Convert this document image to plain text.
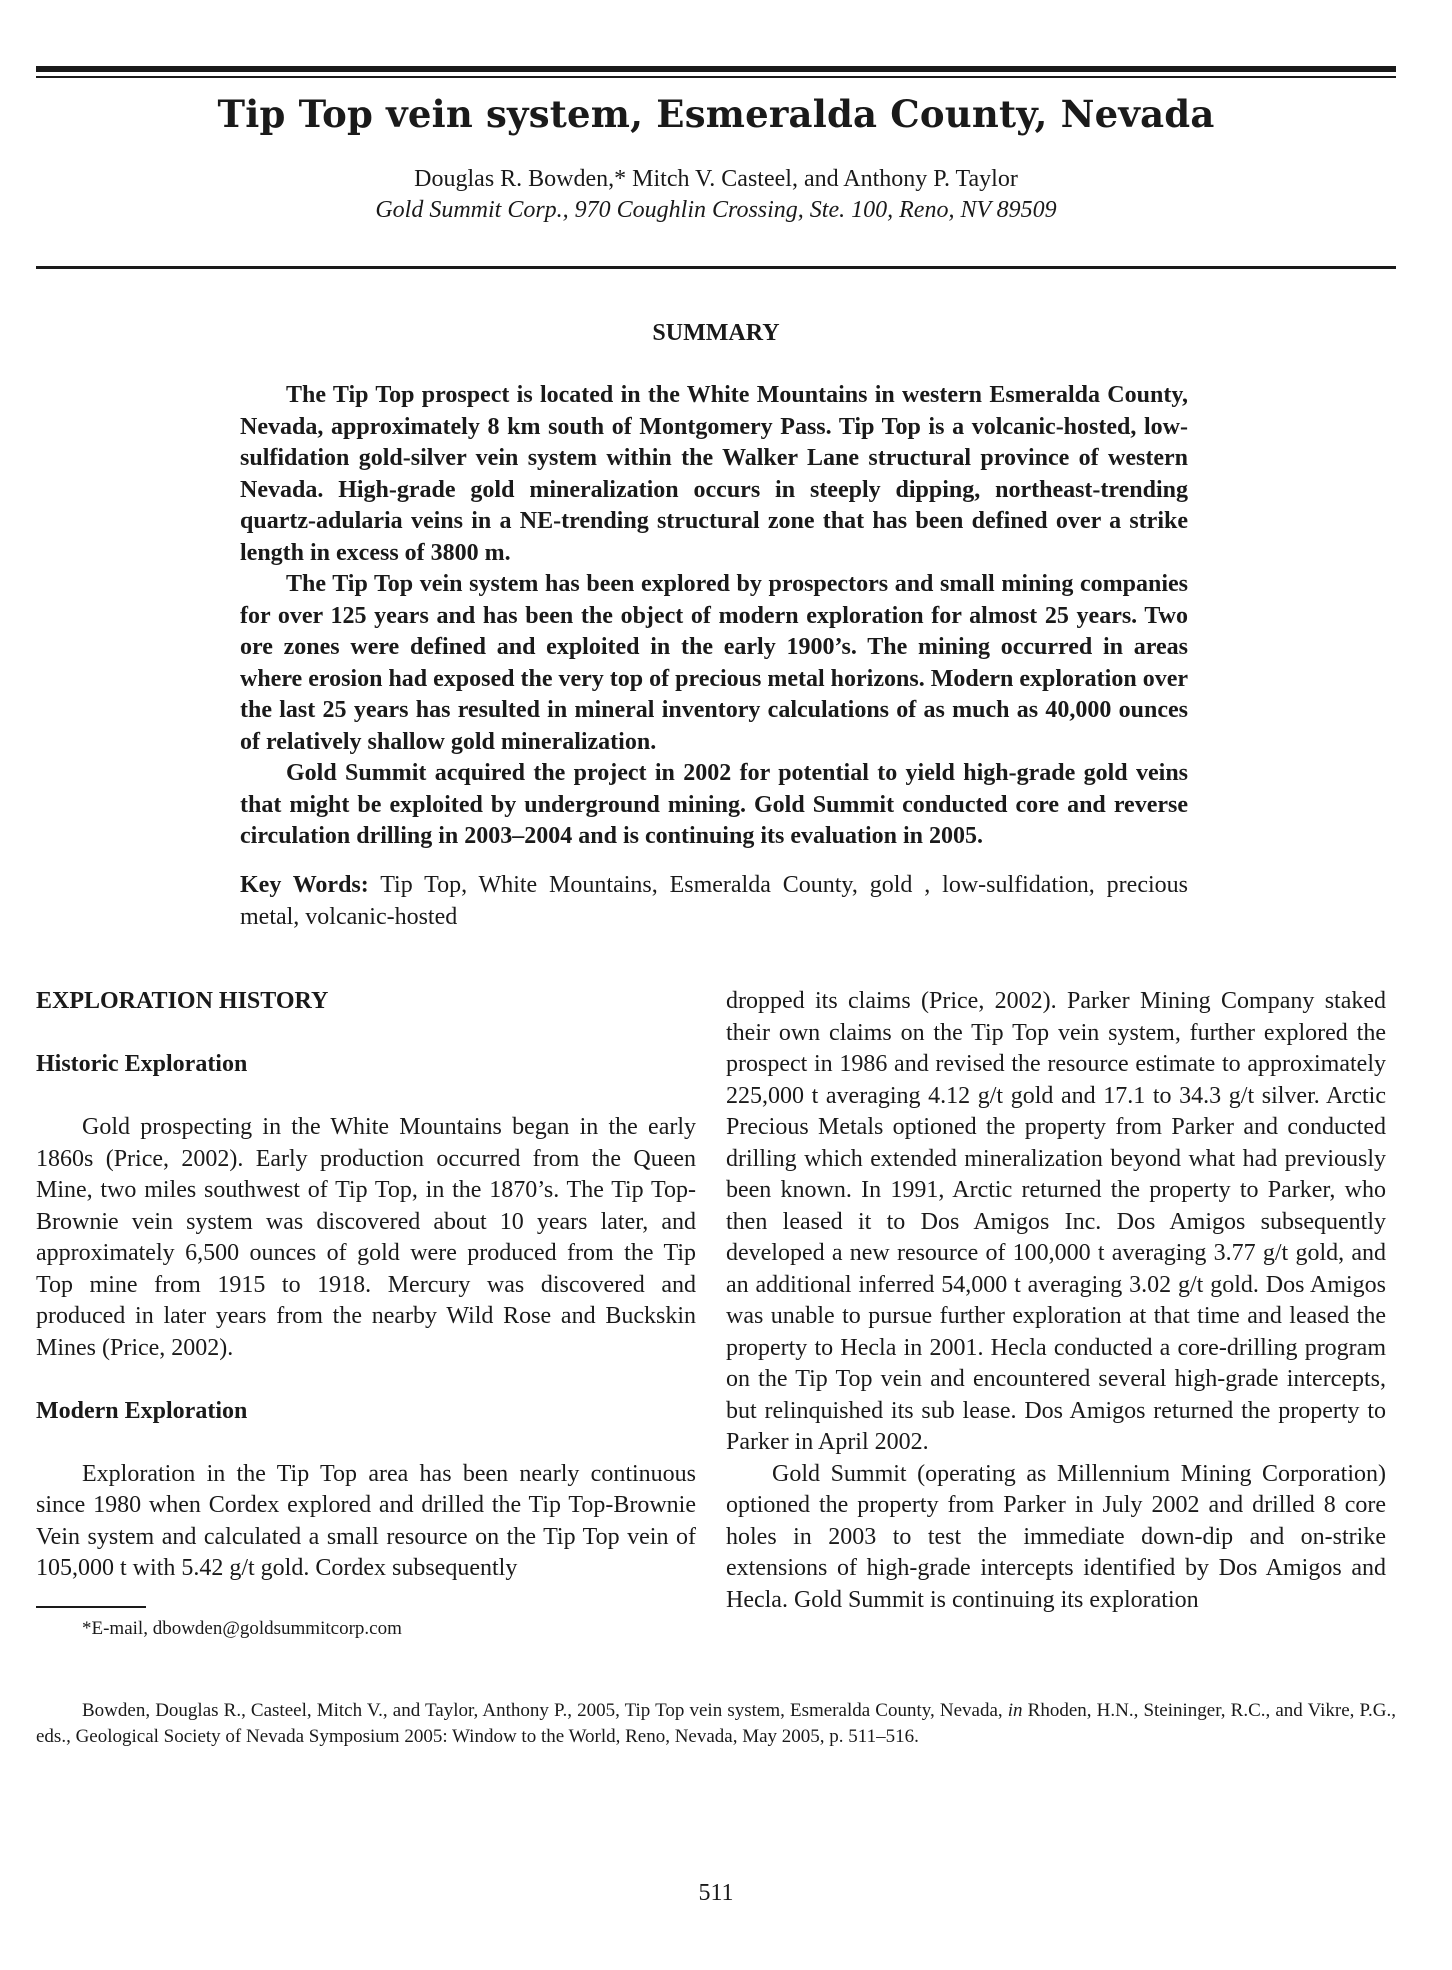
Tip Top vein system, Esmeralda County, Nevada
Douglas R. Bowden,* Mitch V. Casteel, and Anthony P. Taylor
Gold Summit Corp., 970 Coughlin Crossing, Ste. 100, Reno, NV 89509
SUMMARY

The Tip Top prospect is located in the White Mountains in western Esmeralda County, Nevada, approximately 8 km south of Montgomery Pass. Tip Top is a volcanic-hosted, low-sulfidation gold-silver vein system within the Walker Lane structural province of western Nevada. High-grade gold mineralization occurs in steeply dipping, northeast-trending quartz-adularia veins in a NE-trending structural zone that has been defined over a strike length in excess of 3800 m.

The Tip Top vein system has been explored by prospectors and small mining companies for over 125 years and has been the object of modern exploration for almost 25 years. Two ore zones were defined and exploited in the early 1900’s. The mining occurred in areas where erosion had exposed the very top of precious metal horizons. Modern exploration over the last 25 years has resulted in mineral inventory calculations of as much as 40,000 ounces of relatively shallow gold mineralization.

Gold Summit acquired the project in 2002 for potential to yield high-grade gold veins that might be exploited by underground mining. Gold Summit conducted core and reverse circulation drilling in 2003–2004 and is continuing its evaluation in 2005.

Key Words: Tip Top, White Mountains, Esmeralda County, gold , low-sulfidation, precious metal, volcanic-hosted
EXPLORATION HISTORY
Historic Exploration

Gold prospecting in the White Mountains began in the early 1860s (Price, 2002). Early production occurred from the Queen Mine, two miles southwest of Tip Top, in the 1870’s. The Tip Top-Brownie vein system was discovered about 10 years later, and approximately 6,500 ounces of gold were produced from the Tip Top mine from 1915 to 1918. Mercury was discovered and produced in later years from the nearby Wild Rose and Buckskin Mines (Price, 2002).

Modern Exploration

Exploration in the Tip Top area has been nearly continuous since 1980 when Cordex explored and drilled the Tip Top-Brownie Vein system and calculated a small resource on the Tip Top vein of 105,000 t with 5.42 g/t gold. Cordex subsequently

dropped its claims (Price, 2002). Parker Mining Company staked their own claims on the Tip Top vein system, further explored the prospect in 1986 and revised the resource estimate to approximately 225,000 t averaging 4.12 g/t gold and 17.1 to 34.3 g/t silver. Arctic Precious Metals optioned the property from Parker and conducted drilling which extended mineralization beyond what had previously been known. In 1991, Arctic returned the property to Parker, who then leased it to Dos Amigos Inc. Dos Amigos subsequently developed a new resource of 100,000 t averaging 3.77 g/t gold, and an additional inferred 54,000 t averaging 3.02 g/t gold. Dos Amigos was unable to pursue further exploration at that time and leased the property to Hecla in 2001. Hecla conducted a core-drilling program on the Tip Top vein and encountered several high-grade intercepts, but relinquished its sub lease. Dos Amigos returned the property to Parker in April 2002.

Gold Summit (operating as Millennium Mining Corporation) optioned the property from Parker in July 2002 and drilled 8 core holes in 2003 to test the immediate down-dip and on-strike extensions of high-grade intercepts identified by Dos Amigos and Hecla. Gold Summit is continuing its exploration

*E-mail, dbowden@goldsummitcorp.com
Bowden, Douglas R., Casteel, Mitch V., and Taylor, Anthony P., 2005, Tip Top vein system, Esmeralda County, Nevada, in Rhoden, H.N., Steininger, R.C., and Vikre, P.G., eds., Geological Society of Nevada Symposium 2005: Window to the World, Reno, Nevada, May 2005, p. 511–516.
511
